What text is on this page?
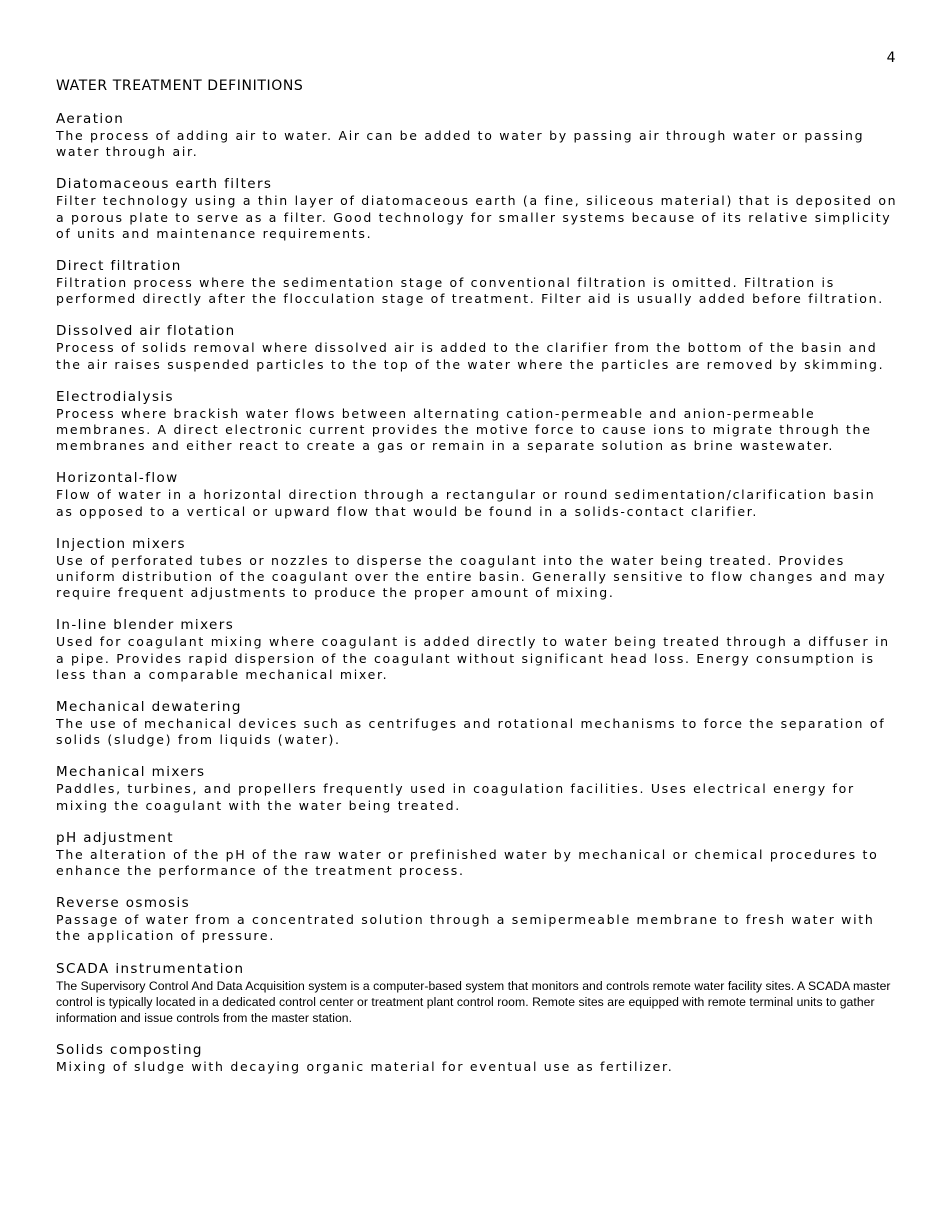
4
WATER TREATMENT DEFINITIONS
Aeration
The process of adding air to water. Air can be added to water by passing air through water or passing water through air.
Diatomaceous earth filters
Filter technology using a thin layer of diatomaceous earth (a fine, siliceous material) that is deposited on a porous plate to serve as a filter. Good technology for smaller systems because of its relative simplicity of units and maintenance requirements.
Direct filtration
Filtration process where the sedimentation stage of conventional filtration is omitted. Filtration is performed directly after the flocculation stage of treatment. Filter aid is usually added before filtration.
Dissolved air flotation
Process of solids removal where dissolved air is added to the clarifier from the bottom of the basin and the air raises suspended particles to the top of the water where the particles are removed by skimming.
Electrodialysis
Process where brackish water flows between alternating cation-permeable and anion-permeable membranes. A direct electronic current provides the motive force to cause ions to migrate through the membranes and either react to create a gas or remain in a separate solution as brine wastewater.
Horizontal-flow
Flow of water in a horizontal direction through a rectangular or round sedimentation/clarification basin as opposed to a vertical or upward flow that would be found in a solids-contact clarifier.
Injection mixers
Use of perforated tubes or nozzles to disperse the coagulant into the water being treated. Provides uniform distribution of the coagulant over the entire basin. Generally sensitive to flow changes and may require frequent adjustments to produce the proper amount of mixing.
In-line blender mixers
Used for coagulant mixing where coagulant is added directly to water being treated through a diffuser in a pipe. Provides rapid dispersion of the coagulant without significant head loss. Energy consumption is less than a comparable mechanical mixer.
Mechanical dewatering
The use of mechanical devices such as centrifuges and rotational mechanisms to force the separation of solids (sludge) from liquids (water).
Mechanical mixers
Paddles, turbines, and propellers frequently used in coagulation facilities. Uses electrical energy for mixing the coagulant with the water being treated.
pH adjustment
The alteration of the pH of the raw water or prefinished water by mechanical or chemical procedures to enhance the performance of the treatment process.
Reverse osmosis
Passage of water from a concentrated solution through a semipermeable membrane to fresh water with the application of pressure.
SCADA instrumentation
The Supervisory Control And Data Acquisition system is a computer-based system that monitors and controls remote water facility sites. A SCADA master control is typically located in a dedicated control center or treatment plant control room. Remote sites are equipped with remote terminal units to gather information and issue controls from the master station.
Solids composting
Mixing of sludge with decaying organic material for eventual use as fertilizer.
